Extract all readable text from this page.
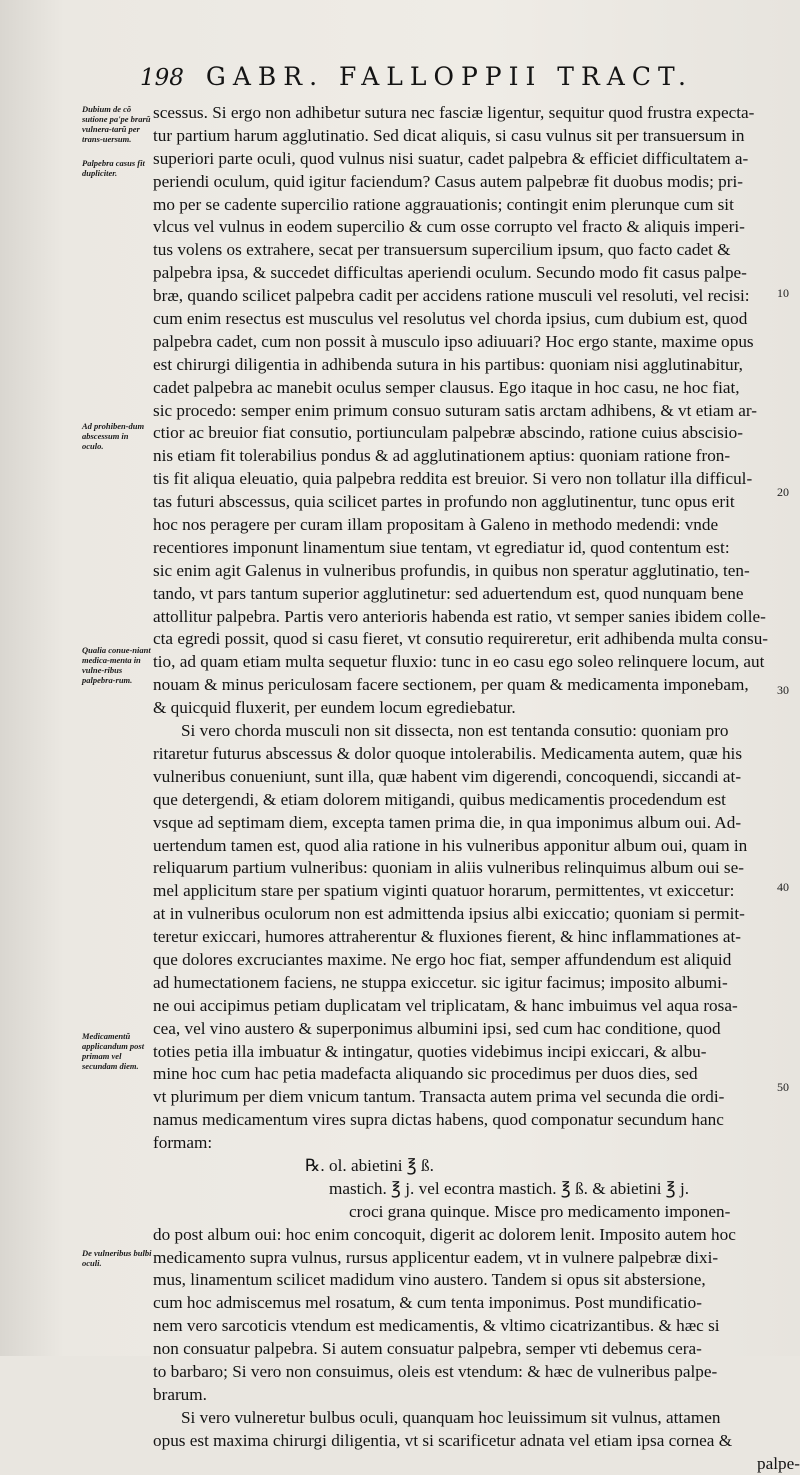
198 GABR. FALLOPPII TRACT.
Dubium de cõ sutione pa'pe brarũ vulnera-tarũ per trans-uersum.
Palpebra casus fit dupliciter.
Ad prohiben-dum abscessum in oculo.
Qualia conue-niant medica-menta in vulne-ribus palpebra-rum.
Medicamentũ applicandum post primam vel secundam diem.
De vulneribus bulbi oculi.
scessus. Si ergo non adhibetur sutura nec fasciæ ligentur, sequitur quod frustra expecta-
tur partium harum agglutinatio. Sed dicat aliquis, si casu vulnus sit per transuersum in
superiori parte oculi, quod vulnus nisi suatur, cadet palpebra & efficiet difficultatem a-
periendi oculum, quid igitur faciendum? Casus autem palpebræ fit duobus modis; pri-
mo per se cadente supercilio ratione aggrauationis; contingit enim plerunque cum sit
vlcus vel vulnus in eodem supercilio & cum osse corrupto vel fracto & aliquis imperi-
tus volens os extrahere, secat per transuersum supercilium ipsum, quo facto cadet &
palpebra ipsa, & succedet difficultas aperiendi oculum. Secundo modo fit casus palpe-
bræ, quando scilicet palpebra cadit per accidens ratione musculi vel resoluti, vel recisi:
cum enim resectus est musculus vel resolutus vel chorda ipsius, cum dubium est, quod
palpebra cadet, cum non possit à musculo ipso adiuuari? Hoc ergo stante, maxime opus
est chirurgi diligentia in adhibenda sutura in his partibus: quoniam nisi agglutinabitur,
cadet palpebra ac manebit oculus semper clausus. Ego itaque in hoc casu, ne hoc fiat,
sic procedo: semper enim primum consuo suturam satis arctam adhibens, & vt etiam ar-
ctior ac breuior fiat consutio, portiunculam palpebræ abscindo, ratione cuius abscisio-
nis etiam fit tolerabilius pondus & ad agglutinationem aptius: quoniam ratione fron-
tis fit aliqua eleuatio, quia palpebra reddita est breuior. Si vero non tollatur illa difficul-
tas futuri abscessus, quia scilicet partes in profundo non agglutinentur, tunc opus erit
hoc nos peragere per curam illam propositam à Galeno in methodo medendi: vnde
recentiores imponunt linamentum siue tentam, vt egrediatur id, quod contentum est:
sic enim agit Galenus in vulneribus profundis, in quibus non speratur agglutinatio, ten-
tando, vt pars tantum superior agglutinetur: sed aduertendum est, quod nunquam bene
attollitur palpebra. Partis vero anterioris habenda est ratio, vt semper sanies ibidem colle-
cta egredi possit, quod si casu fieret, vt consutio requireretur, erit adhibenda multa consu-
tio, ad quam etiam multa sequetur fluxio: tunc in eo casu ego soleo relinquere locum, aut
nouam & minus periculosam facere sectionem, per quam & medicamenta imponebam,
& quicquid fluxerit, per eundem locum egrediebatur.
Si vero chorda musculi non sit dissecta, non est tentanda consutio: quoniam pro
ritaretur futurus abscessus & dolor quoque intolerabilis. Medicamenta autem, quæ his
vulneribus conueniunt, sunt illa, quæ habent vim digerendi, concoquendi, siccandi at-
que detergendi, & etiam dolorem mitigandi, quibus medicamentis procedendum est
vsque ad septimam diem, excepta tamen prima die, in qua imponimus album oui. Ad-
uertendum tamen est, quod alia ratione in his vulneribus apponitur album oui, quam in
reliquarum partium vulneribus: quoniam in aliis vulneribus relinquimus album oui se-
mel applicitum stare per spatium viginti quatuor horarum, permittentes, vt exiccetur:
at in vulneribus oculorum non est admittenda ipsius albi exiccatio; quoniam si permit-
teretur exiccari, humores attraherentur & fluxiones fierent, & hinc inflammationes at-
que dolores excruciantes maxime. Ne ergo hoc fiat, semper affundendum est aliquid
ad humectationem faciens, ne stuppa exiccetur. sic igitur facimus; imposito albumi-
ne oui accipimus petiam duplicatam vel triplicatam, & hanc imbuimus vel aqua rosa-
cea, vel vino austero & superponimus albumini ipsi, sed cum hac conditione, quod
toties petia illa imbuatur & intingatur, quoties videbimus incipi exiccari, & albu-
mine hoc cum hac petia madefacta aliquando sic procedimus per duos dies, sed
vt plurimum per diem vnicum tantum. Transacta autem prima vel secunda die ordi-
namus medicamentum vires supra dictas habens, quod componatur secundum hanc
formam:
℞. ol. abietini ℥ ß.
mastich. ℥ j. vel econtra mastich. ℥ ß. & abietini ℥ j.
croci grana quinque. Misce pro medicamento imponen-
do post album oui: hoc enim concoquit, digerit ac dolorem lenit. Imposito autem hoc
medicamento supra vulnus, rursus applicentur eadem, vt in vulnere palpebræ dixi-
mus, linamentum scilicet madidum vino austero. Tandem si opus sit abstersione,
cum hoc admiscemus mel rosatum, & cum tenta imponimus. Post mundificatio-
nem vero sarcoticis vtendum est medicamentis, & vltimo cicatrizantibus. & hæc si
non consuatur palpebra. Si autem consuatur palpebra, semper vti debemus cera-
to barbaro; Si vero non consuimus, oleis est vtendum: & hæc de vulneribus palpe-
brarum.
Si vero vulneretur bulbus oculi, quanquam hoc leuissimum sit vulnus, attamen
opus est maxima chirurgi diligentia, vt si scarificetur adnata vel etiam ipsa cornea &
palpe-
10
20
30
40
50
